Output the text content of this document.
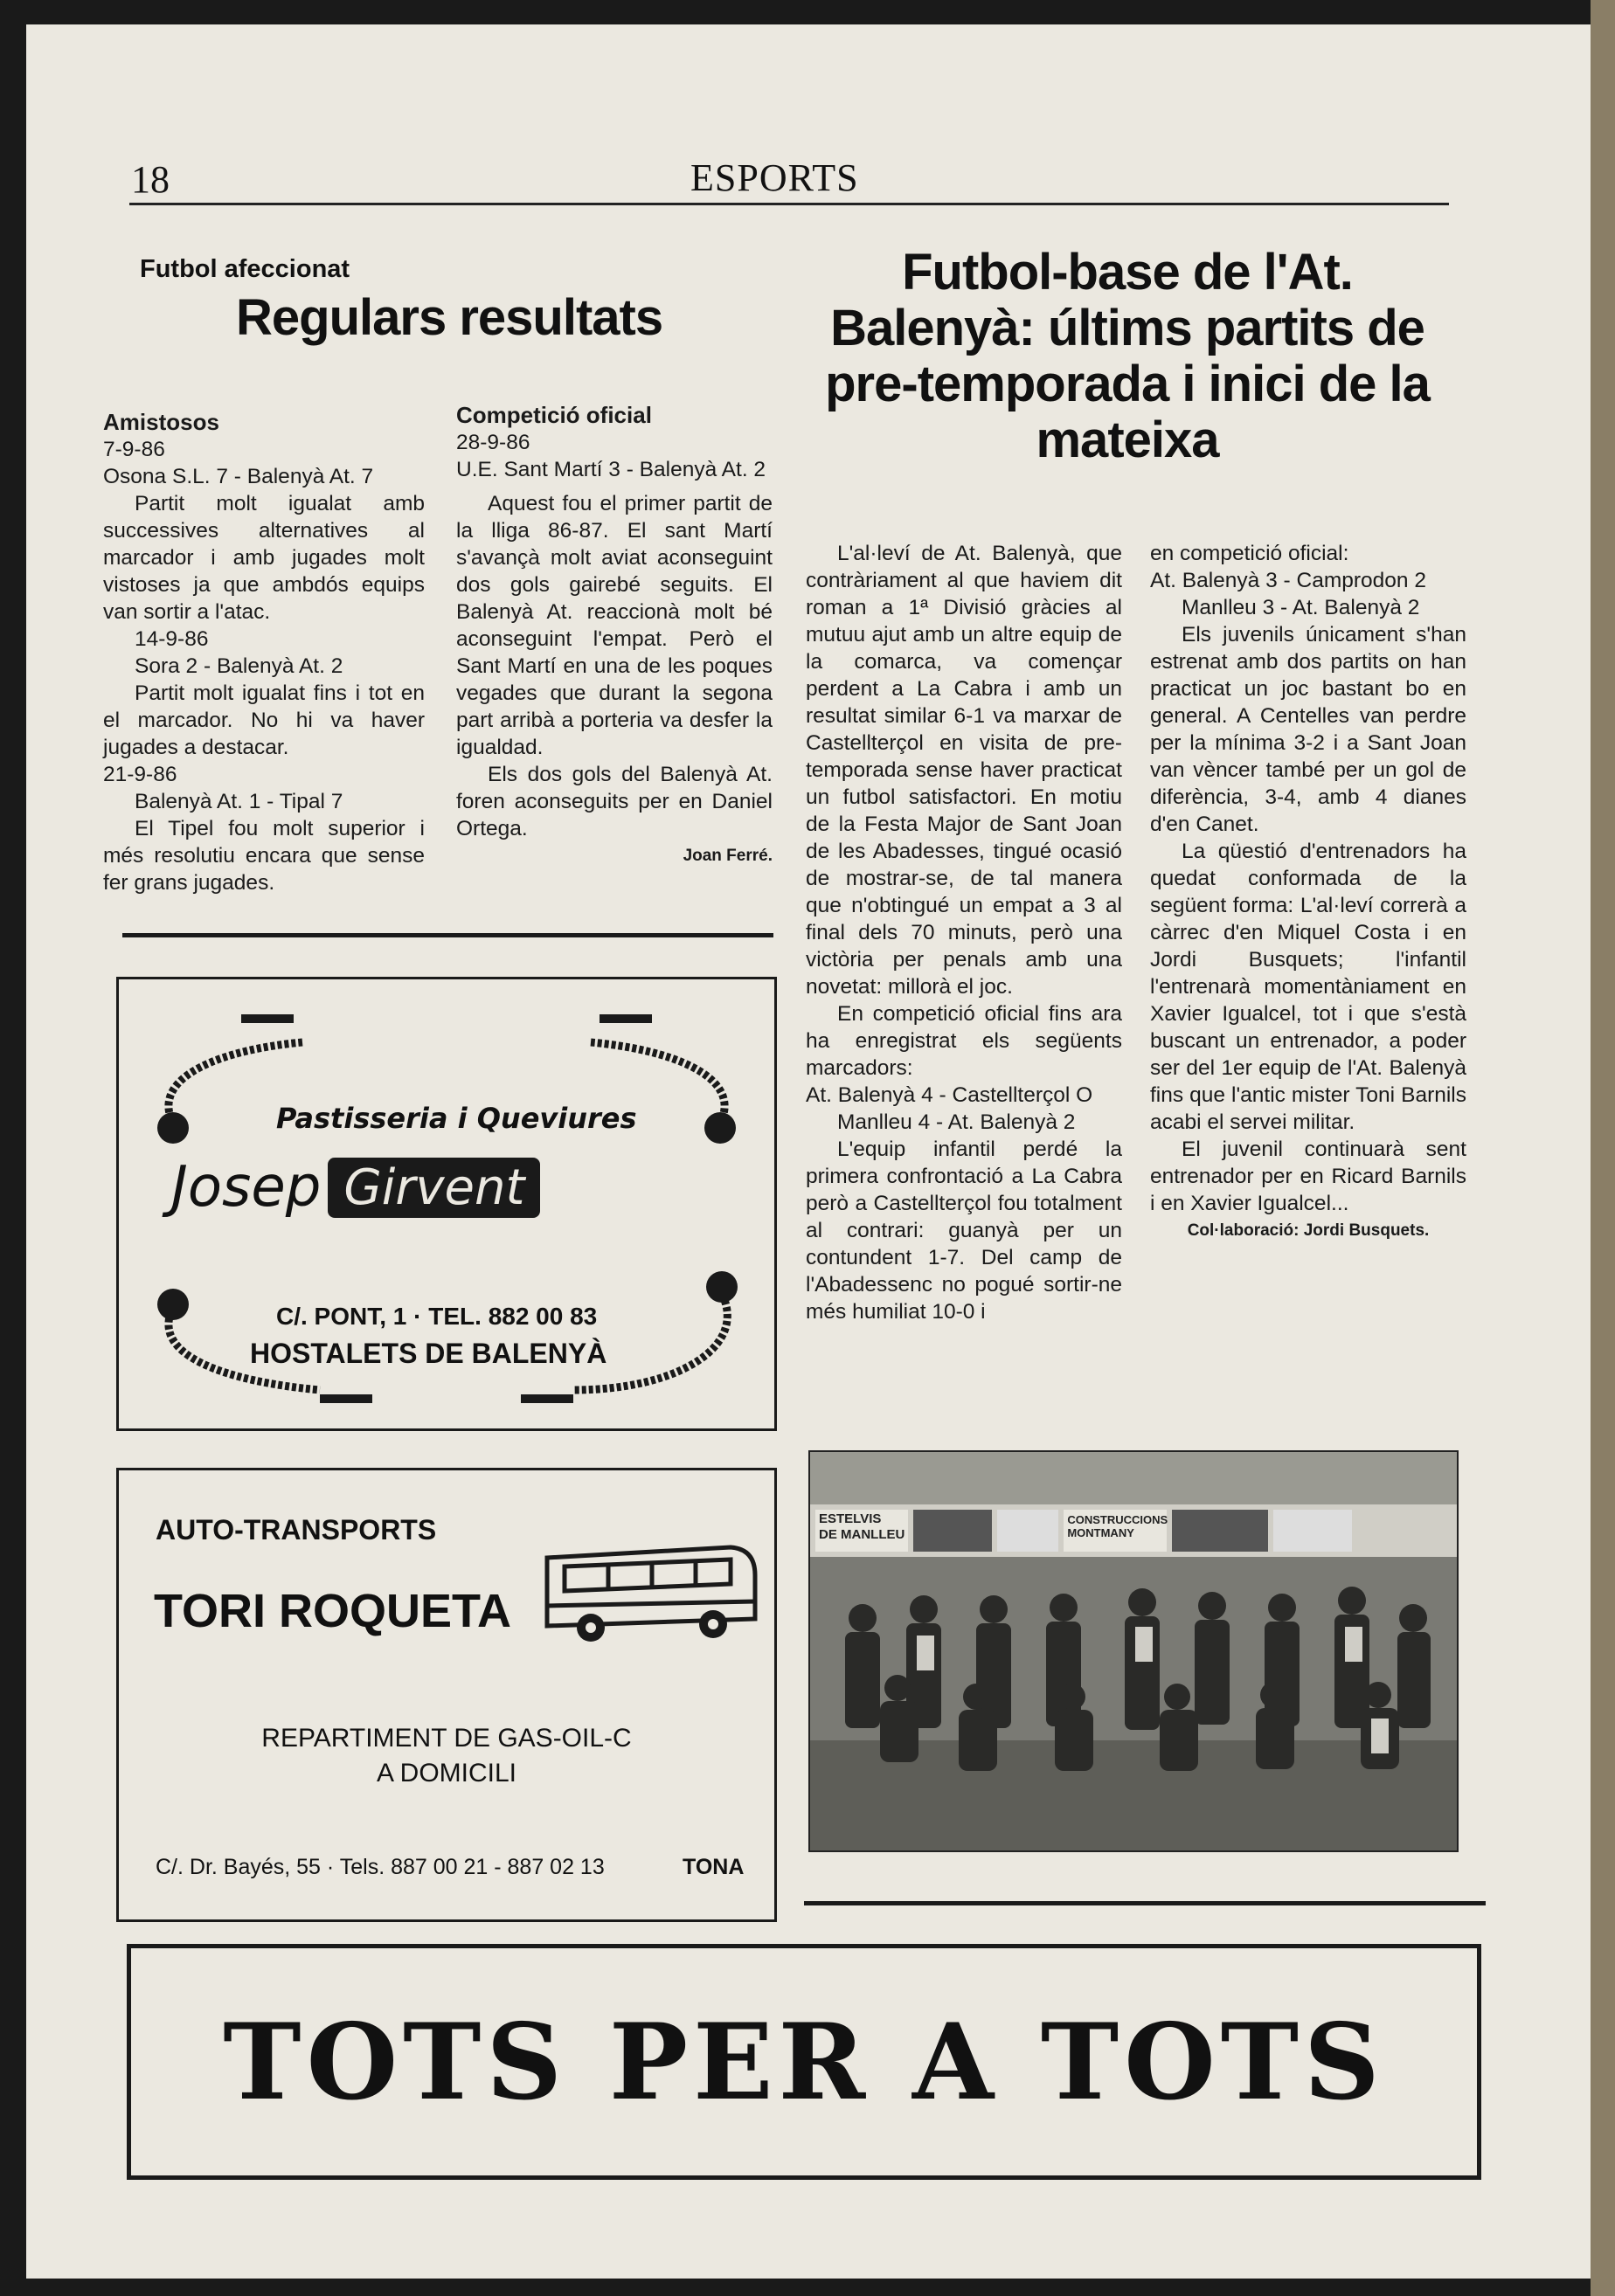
18	ESPORTS
Futbol afeccionat
Regulars resultats

Amistosos

7-9-86

Osona S.L. 7 - Balenyà At. 7

Partit molt igualat amb successives alternatives al marcador i amb jugades molt vistoses ja que ambdós equips van sortir a l'atac.

14-9-86

Sora 2 - Balenyà At. 2

Partit molt igualat fins i tot en el marcador. No hi va haver jugades a destacar.

21-9-86

Balenyà At. 1 - Tipal 7

El Tipel fou molt superior i més resolutiu encara que sense fer grans jugades.

Competició oficial

28-9-86

U.E. Sant Martí 3 - Balenyà At. 2

Aquest fou el primer partit de la lliga 86-87. El sant Martí s'avançà molt aviat aconseguint dos gols gairebé seguits. El Balenyà At. reaccionà molt bé aconseguint l'empat. Però el Sant Martí en una de les poques vegades que durant la segona part arribà a porteria va desfer la igualdad.

Els dos gols del Balenyà At. foren aconseguits per en Daniel Ortega.

Joan Ferré.

Pastisseria i Queviures
Josep Girvent
C/. PONT, 1 · TEL. 882 00 83
HOSTALETS DE BALENYÀ
AUTO-TRANSPORTS
TORI ROQUETA
REPARTIMENT DE GAS-OIL-C
A DOMICILI
C/. Dr. Bayés, 55 · Tels. 887 00 21 - 887 02 13	TONA
Futbol-base de l'At. Balenyà: últims partits de pre-temporada i inici de la mateixa

L'al·leví de At. Balenyà, que contràriament al que haviem dit roman a 1ª Divisió gràcies al mutuu ajut amb un altre equip de la comarca, va començar perdent a La Cabra i amb un resultat similar 6-1 va marxar de Castellterçol en visita de pre-temporada sense haver practicat un futbol satisfactori. En motiu de la Festa Major de Sant Joan de les Abadesses, tingué ocasió de mostrar-se, de tal manera que n'obtingué un empat a 3 al final dels 70 minuts, però una victòria per penals amb una novetat: millorà el joc.

En competició oficial fins ara ha enregistrat els següents marcadors:

At. Balenyà 4 - Castellterçol O

Manlleu 4 - At. Balenyà 2

L'equip infantil perdé la primera confrontació a La Cabra però a Castellterçol fou totalment al contrari: guanyà per un contundent 1-7. Del camp de l'Abadessenc no pogué sortir-ne més humiliat 10-0 i

en competició oficial:

At. Balenyà 3 - Camprodon 2

Manlleu 3 - At. Balenyà 2

Els juvenils únicament s'han estrenat amb dos partits on han practicat un joc bastant bo en general. A Centelles van perdre per la mínima 3-2 i a Sant Joan van vèncer també per un gol de diferència, 3-4, amb 4 dianes d'en Canet.

La qüestió d'entrenadors ha quedat conformada de la següent forma: L'al·leví correrà a càrrec d'en Miquel Costa i en Jordi Busquets; l'infantil l'entrenarà momentàniament en Xavier Igualcel, tot i que s'està buscant un entrenador, a poder ser del 1er equip de l'At. Balenyà fins que l'antic mister Toni Barnils acabi el servei militar.

El juvenil continuarà sent entrenador per en Ricard Barnils i en Xavier Igualcel...

Col·laboració: Jordi Busquets.

ESTELVIS
DE MANLLEU
CONSTRUCCIONS MONTMANY
TOTS PER A TOTS
